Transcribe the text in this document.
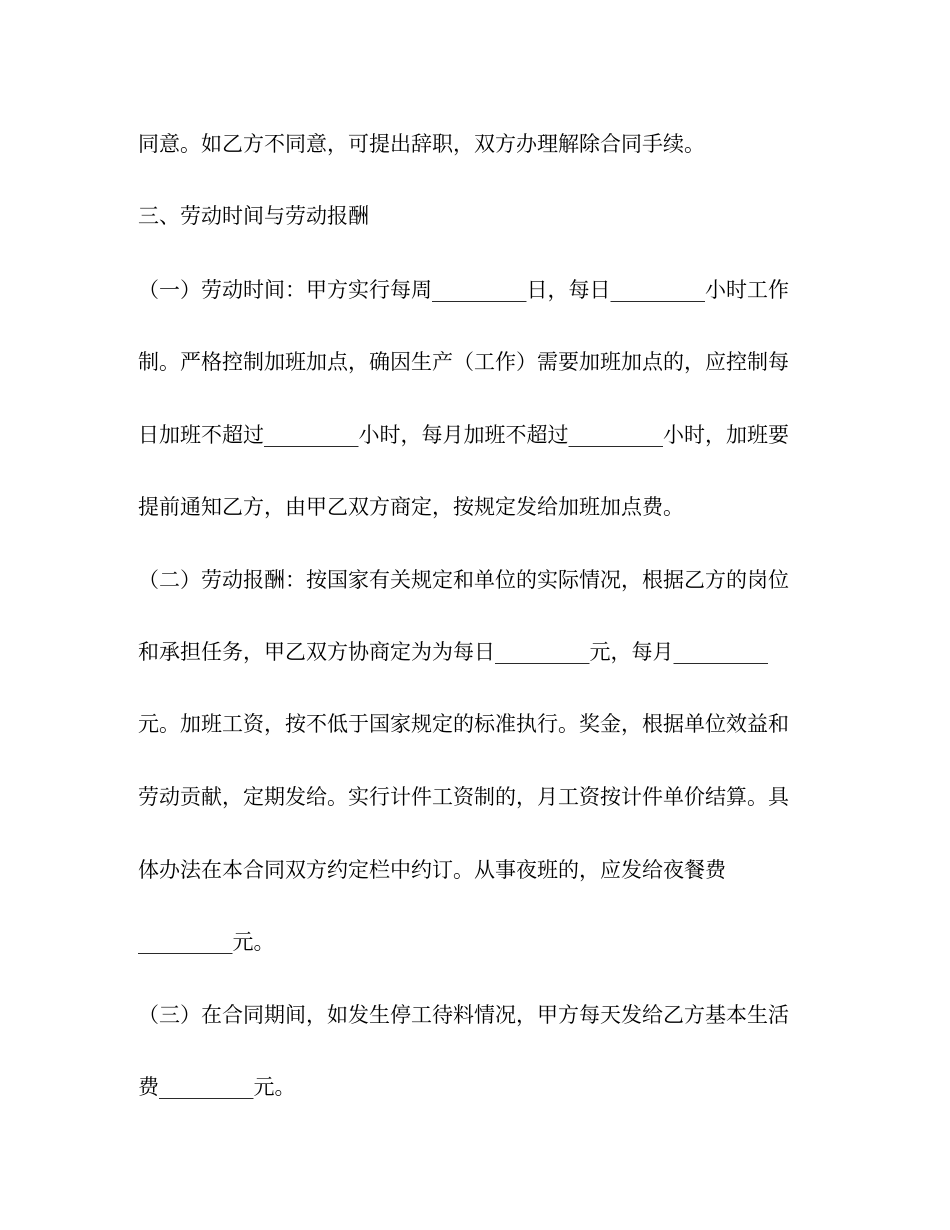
同意。如乙方不同意，可提出辞职，双方办理解除合同手续。
三、劳动时间与劳动报酬
（一）劳动时间：甲方实行每周_________日，每日_________小时工作
制。严格控制加班加点，确因生产（工作）需要加班加点的，应控制每
日加班不超过_________小时，每月加班不超过_________小时，加班要
提前通知乙方，由甲乙双方商定，按规定发给加班加点费。
（二）劳动报酬：按国家有关规定和单位的实际情况，根据乙方的岗位
和承担任务，甲乙双方协商定为为每日_________元，每月_________
元。加班工资，按不低于国家规定的标准执行。奖金，根据单位效益和
劳动贡献，定期发给。实行计件工资制的，月工资按计件单价结算。具
体办法在本合同双方约定栏中约订。从事夜班的，应发给夜餐费
_________元。
（三）在合同期间，如发生停工待料情况，甲方每天发给乙方基本生活
费_________元。
